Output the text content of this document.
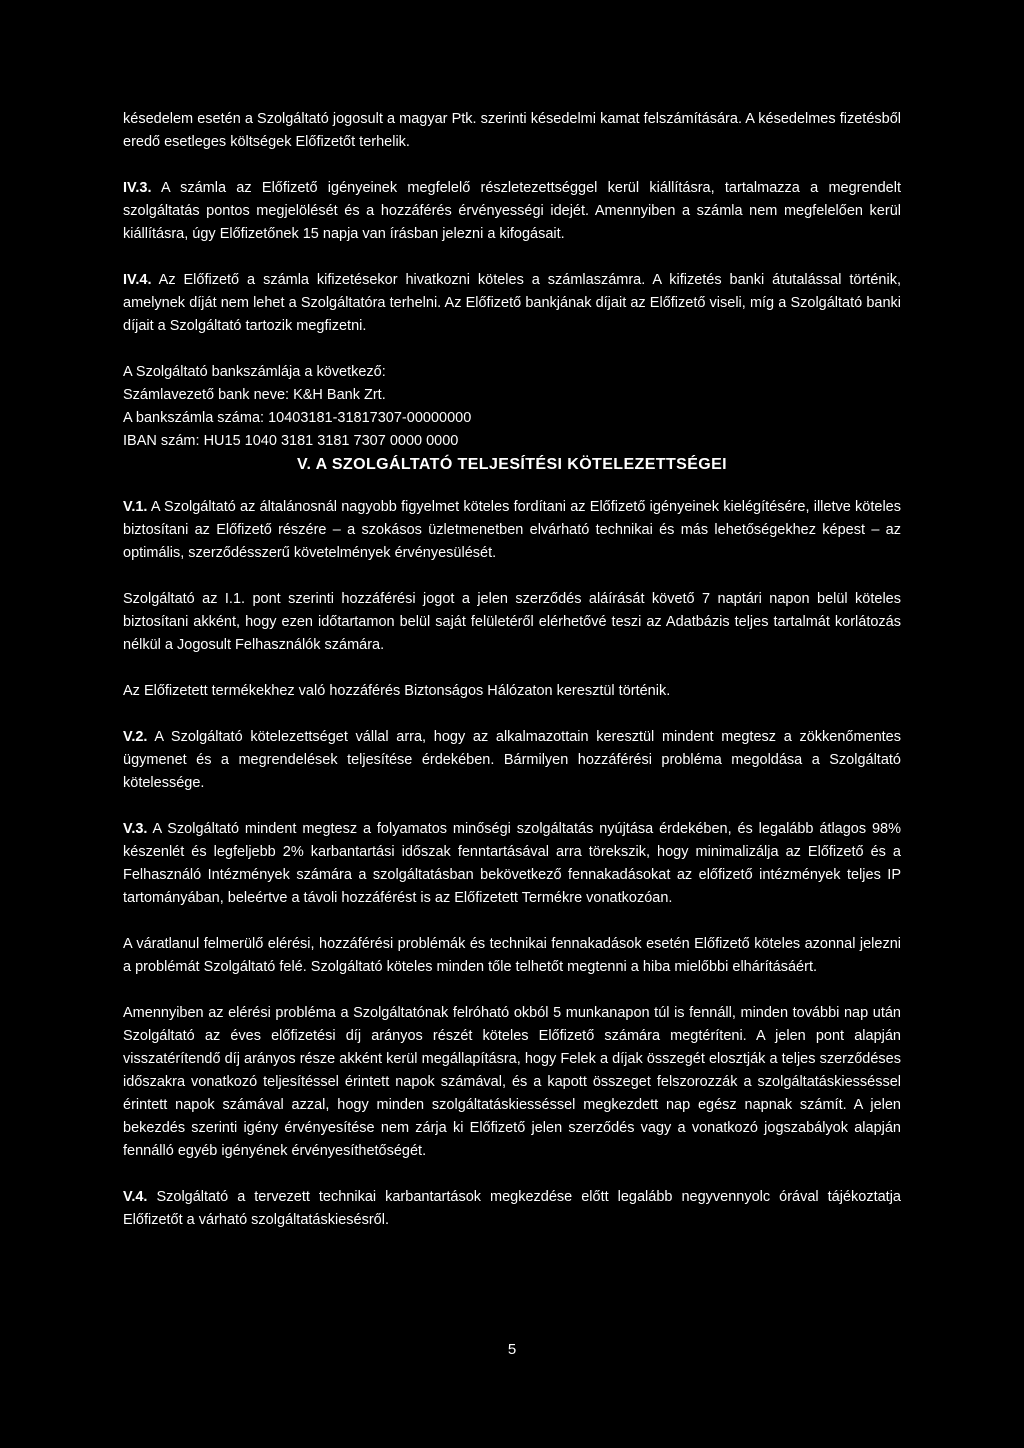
késedelem esetén a Szolgáltató jogosult a magyar Ptk. szerinti késedelmi kamat felszámítására. A késedelmes fizetésből eredő esetleges költségek Előfizetőt terhelik.

IV.3. A számla az Előfizető igényeinek megfelelő részletezettséggel kerül kiállításra, tartalmazza a megrendelt szolgáltatás pontos megjelölését és a hozzáférés érvényességi idejét. Amennyiben a számla nem megfelelően kerül kiállításra, úgy Előfizetőnek 15 napja van írásban jelezni a kifogásait.

IV.4. Az Előfizető a számla kifizetésekor hivatkozni köteles a számlaszámra. A kifizetés banki átutalással történik, amelynek díját nem lehet a Szolgáltatóra terhelni. Az Előfizető bankjának díjait az Előfizető viseli, míg a Szolgáltató banki díjait a Szolgáltató tartozik megfizetni.

A Szolgáltató bankszámlája a következő:
Számlavezető bank neve: K&H Bank Zrt.
A bankszámla száma: 10403181-31817307-00000000
IBAN szám: HU15 1040 3181 3181 7307 0000 0000
V. A SZOLGÁLTATÓ TELJESÍTÉSI KÖTELEZETTSÉGEI

V.1. A Szolgáltató az általánosnál nagyobb figyelmet köteles fordítani az Előfizető igényeinek kielégítésére, illetve köteles biztosítani az Előfizető részére – a szokásos üzletmenetben elvárható technikai és más lehetőségekhez képest – az optimális, szerződésszerű követelmények érvényesülését.

Szolgáltató az I.1. pont szerinti hozzáférési jogot a jelen szerződés aláírását követő 7 naptári napon belül köteles biztosítani akként, hogy ezen időtartamon belül saját felületéről elérhetővé teszi az Adatbázis teljes tartalmát korlátozás nélkül a Jogosult Felhasználók számára.

Az Előfizetett termékekhez való hozzáférés Biztonságos Hálózaton keresztül történik.

V.2. A Szolgáltató kötelezettséget vállal arra, hogy az alkalmazottain keresztül mindent megtesz a zökkenőmentes ügymenet és a megrendelések teljesítése érdekében. Bármilyen hozzáférési probléma megoldása a Szolgáltató kötelessége.

V.3. A Szolgáltató mindent megtesz a folyamatos minőségi szolgáltatás nyújtása érdekében, és legalább átlagos 98% készenlét és legfeljebb 2% karbantartási időszak fenntartásával arra törekszik, hogy minimalizálja az Előfizető és a Felhasználó Intézmények számára a szolgáltatásban bekövetkező fennakadásokat az előfizető intézmények teljes IP tartományában, beleértve a távoli hozzáférést is az Előfizetett Termékre vonatkozóan.

A váratlanul felmerülő elérési, hozzáférési problémák és technikai fennakadások esetén Előfizető köteles azonnal jelezni a problémát Szolgáltató felé. Szolgáltató köteles minden tőle telhetőt megtenni a hiba mielőbbi elhárításáért.

Amennyiben az elérési probléma a Szolgáltatónak felróható okból 5 munkanapon túl is fennáll, minden további nap után Szolgáltató az éves előfizetési díj arányos részét köteles Előfizető számára megtéríteni. A jelen pont alapján visszatérítendő díj arányos része akként kerül megállapításra, hogy Felek a díjak összegét elosztják a teljes szerződéses időszakra vonatkozó teljesítéssel érintett napok számával, és a kapott összeget felszorozzák a szolgáltatáskiesséssel érintett napok számával azzal, hogy minden szolgáltatáskiesséssel megkezdett nap egész napnak számít. A jelen bekezdés szerinti igény érvényesítése nem zárja ki Előfizető jelen szerződés vagy a vonatkozó jogszabályok alapján fennálló egyéb igényének érvényesíthetőségét.

V.4. Szolgáltató a tervezett technikai karbantartások megkezdése előtt legalább negyvennyolc órával tájékoztatja Előfizetőt a várható szolgáltatáskiesésről.

5
